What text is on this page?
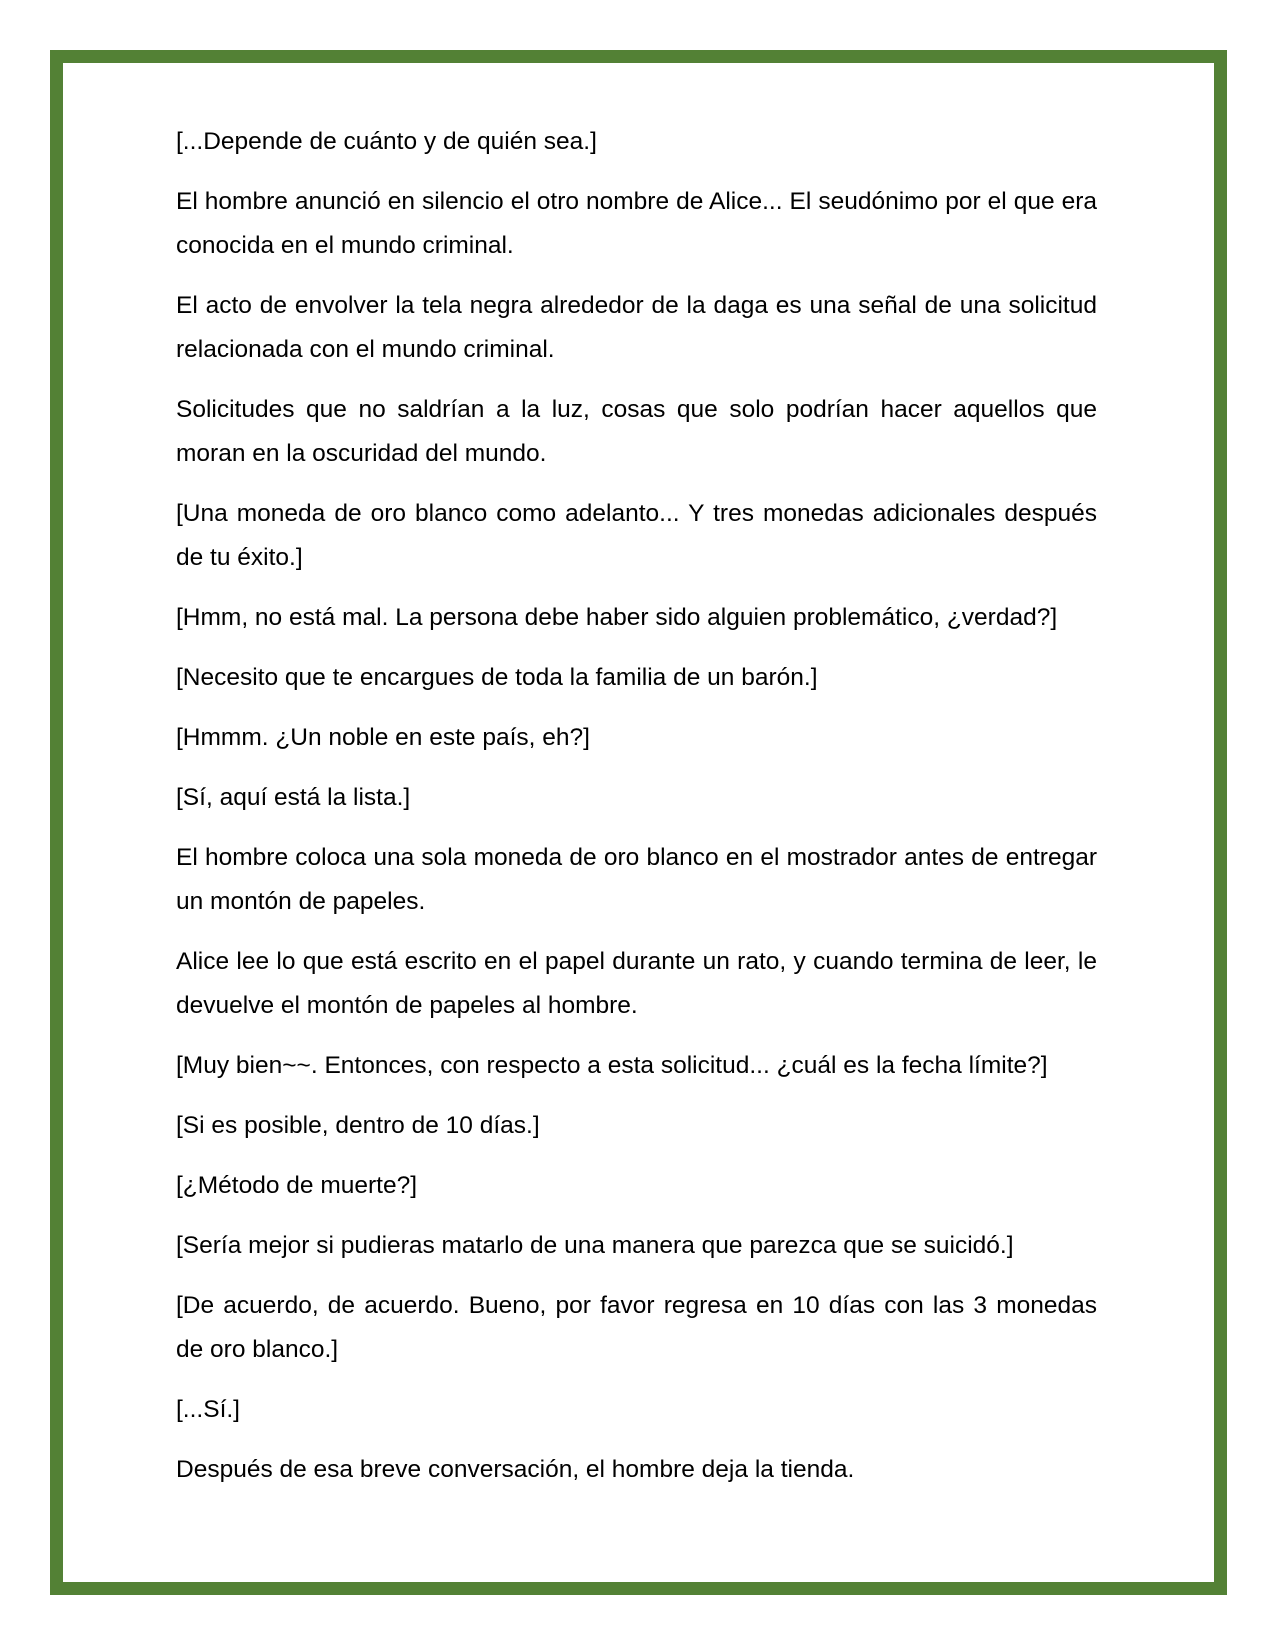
[...Depende de cuánto y de quién sea.]

El hombre anunció en silencio el otro nombre de Alice... El seudónimo por el que era conocida en el mundo criminal.

El acto de envolver la tela negra alrededor de la daga es una señal de una solicitud relacionada con el mundo criminal.

Solicitudes que no saldrían a la luz, cosas que solo podrían hacer aquellos que moran en la oscuridad del mundo.

[Una moneda de oro blanco como adelanto... Y tres monedas adicionales después de tu éxito.]

[Hmm, no está mal. La persona debe haber sido alguien problemático, ¿verdad?]

[Necesito que te encargues de toda la familia de un barón.]

[Hmmm. ¿Un noble en este país, eh?]

[Sí, aquí está la lista.]

El hombre coloca una sola moneda de oro blanco en el mostrador antes de entregar un montón de papeles.

Alice lee lo que está escrito en el papel durante un rato, y cuando termina de leer, le devuelve el montón de papeles al hombre.

[Muy bien~~. Entonces, con respecto a esta solicitud... ¿cuál es la fecha límite?]

[Si es posible, dentro de 10 días.]

[¿Método de muerte?]

[Sería mejor si pudieras matarlo de una manera que parezca que se suicidó.]

[De acuerdo, de acuerdo. Bueno, por favor regresa en 10 días con las 3 monedas de oro blanco.]

[...Sí.]

Después de esa breve conversación, el hombre deja la tienda.
